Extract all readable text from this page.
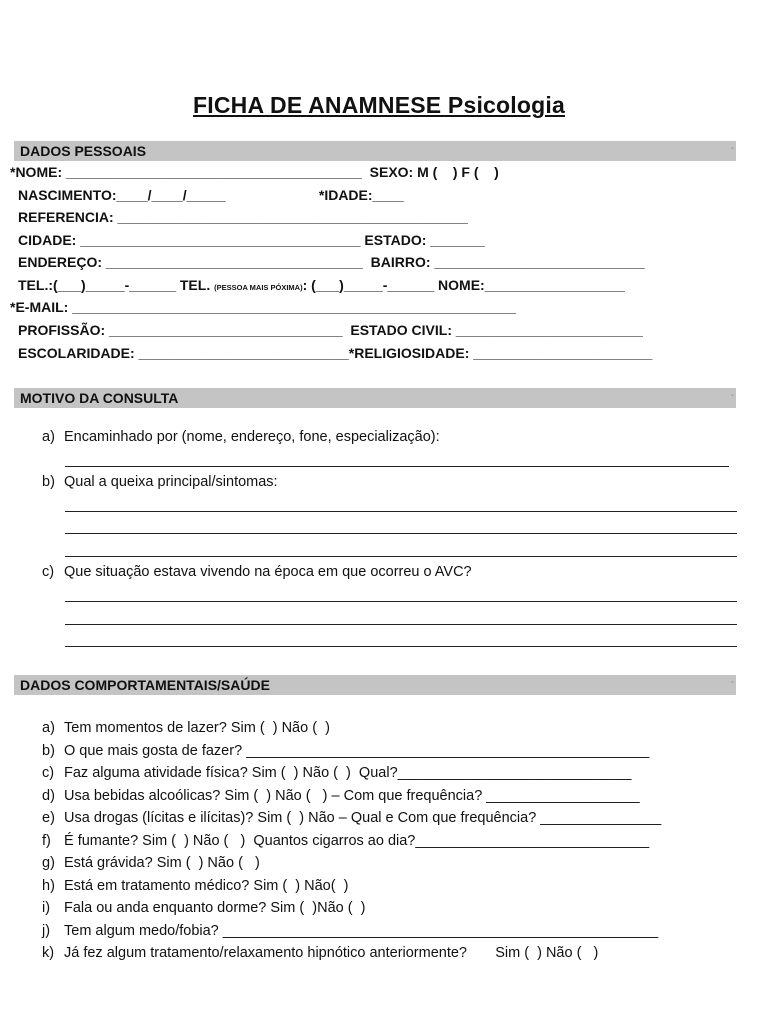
FICHA DE ANAMNESE Psicologia
DADOS PESSOAIS	-
*NOME: ______________________________________  SEXO: M (    ) F (    )
NASCIMENTO:____/____/_____                        *IDADE:____
REFERENCIA: _____________________________________________
CIDADE: ____________________________________ ESTADO: _______
ENDEREÇO: _________________________________  BAIRRO: ___________________________
TEL.:(___)_____-______ TEL. (PESSOA MAIS PÓXIMA): (___)_____-______ NOME:__________________
*E-MAIL: _________________________________________________________
PROFISSÃO: ______________________________  ESTADO CIVIL: ________________________
ESCOLARIDADE: ___________________________*RELIGIOSIDADE: _______________________
MOTIVO DA CONSULTA	-
a) Encaminhado por (nome, endereço, fone, especialização):
b) Qual a queixa principal/sintomas:
c) Que situação estava vivendo na época em que ocorreu o AVC?
DADOS COMPORTAMENTAIS/SAÚDE	-
a) Tem momentos de lazer? Sim (  ) Não (  )
b) O que mais gosta de fazer? __________________________________________________
c) Faz alguma atividade física? Sim (  ) Não (  )  Qual?_____________________________
d) Usa bebidas alcoólicas? Sim (  ) Não (   ) – Com que frequência? ___________________
e) Usa drogas (lícitas e ilícitas)? Sim (  ) Não – Qual e Com que frequência? _______________
f) É fumante? Sim (  ) Não (   )  Quantos cigarros ao dia?_____________________________
g) Está grávida? Sim (  ) Não (   )
h) Está em tratamento médico? Sim (  ) Não(  )
i) Fala ou anda enquanto dorme? Sim (  )Não (  )
j) Tem algum medo/fobia? ______________________________________________________
k) Já fez algum tratamento/relaxamento hipnótico anteriormente?       Sim (  ) Não (   )
